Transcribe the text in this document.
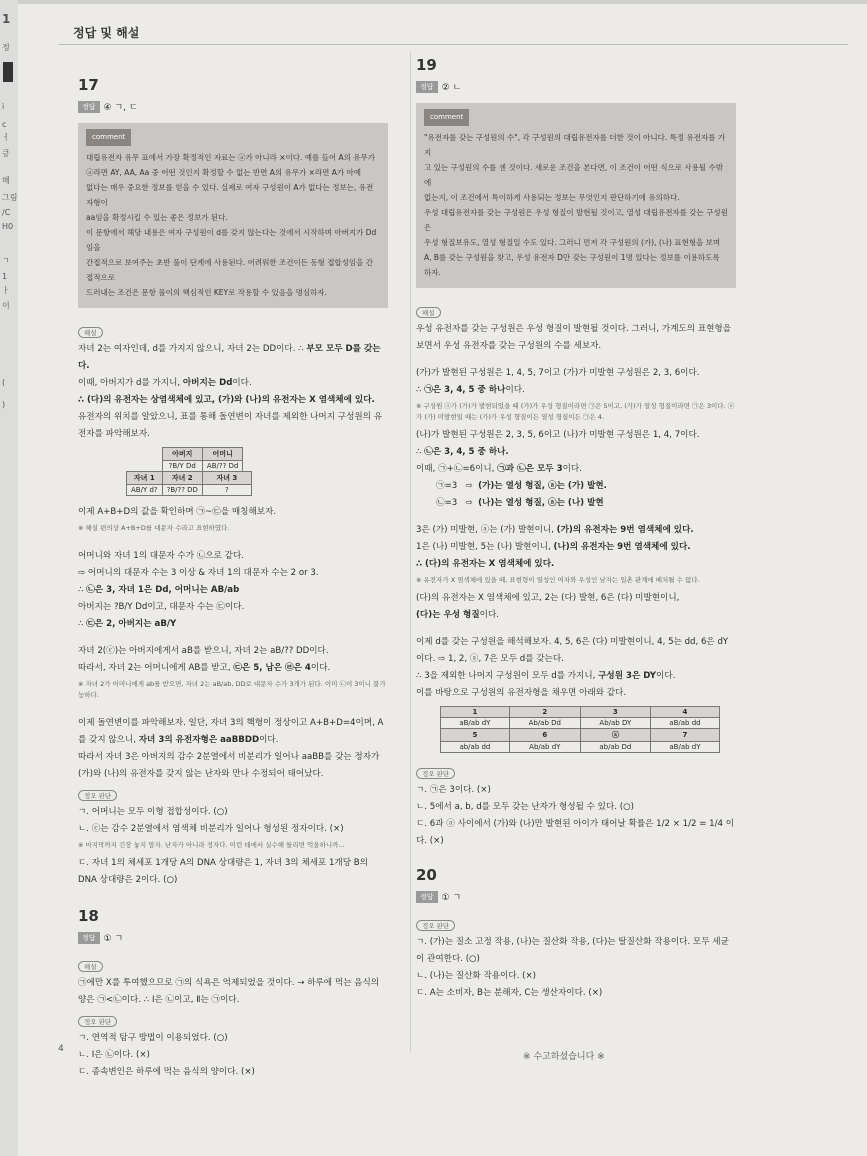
1
정
i
c
ㅓ
킁
해
그림
/C
H0
ㄱ
1
ㅏ
이
(
)
정답 및 해설
17
정답 ④ ㄱ, ㄷ
comment
대립유전자 유무 표에서 가장 확정적인 자료는 ⓐ가 아니라 ×이다. 예를 들어 A의 유무가
ⓐ라면 AY, AA, Aa 중 어떤 것인지 확정할 수 없는 반면 A의 유무가 ×라면 A가 아예
없다는 매우 중요한 정보를 얻을 수 있다. 실제로 여자 구성원이 A가 없다는 정보는, 유전자형이
aa임을 확정시킬 수 있는 좋은 정보가 된다.
이 문항에서 해당 내용은 여자 구성원이 d를 갖지 않는다는 것에서 시작하며 아버지가 Dd임을
간접적으로 보여주는 초반 풀이 단계에 사용된다. 어려워한 조건이든 동형 접합성임을 간접적으로
드러내는 조건은 문항 풀이의 핵심적인 KEY로 작용할 수 있음을 명심하자.
해설

자녀 2는 여자인데, d를 가지지 않으니, 자녀 2는 DD이다. ∴ 부모 모두 D를 갖는다.

이때, 아버지가 d를 가지니, 아버지는 Dd이다.

∴ (다)의 유전자는 상염색체에 있고, (가)와 (나)의 유전자는 X 염색체에 있다.

유전자의 위치를 알았으니, 표를 통해 돌연변이 자녀를 제외한 나머지 구성원의 유전자를 파악해보자.

	아버지	어머니	
	?B/Y Dd	AB/?? Dd	
자녀 1	자녀 2	자녀 3	
AB/Y d?	?B/?? DD	?	

이제 A+B+D의 값을 확인하며 ㉠~㉢을 매칭해보자.

※ 해설 편의상 A+B+D를 대문자 수라고 표현하였다.

어머니와 자녀 1의 대문자 수가 ㉡으로 같다.

⇨ 어머니의 대문자 수는 3 이상 & 자녀 1의 대문자 수는 2 or 3.

∴ ㉡은 3, 자녀 1은 Dd, 어머니는 AB/ab

아버지는 ?B/Y Dd이고, 대문자 수는 ㉢이다.

∴ ㉢은 2, 아버지는 aB/Y

자녀 2(ⓒ)는 아버지에게서 aB를 받으니, 자녀 2는 aB/?? DD이다.

따라서, 자녀 2는 어머니에게 AB를 받고, ㉢은 5, 남은 ㉣은 4이다.

※ 자녀 2가 어머니에게 ab를 받으면, 자녀 2는 aB/ab, DD로 대문자 수가 3개가 된다. 이미 ㉡이 3이니 불가능하다.

이제 돌연변이를 파악해보자. 일단, 자녀 3의 핵형이 정상이고 A+B+D=4이며, A를 갖지 않으니, 자녀 3의 유전자형은 aaBBDD이다.

따라서 자녀 3은 아버지의 감수 2분열에서 비분리가 일어나 aaBB를 갖는 정자가 (가)와 (나)의 유전자를 갖지 않는 난자와 만나 수정되어 태어났다.

정오 판단

ㄱ. 어머니는 모두 이형 접합성이다. (○)

ㄴ. ⓒ는 감수 2분열에서 염색체 비분리가 일어나 형성된 정자이다. (×)

※ 마지막까지 긴장 놓지 말자. 난자가 아니라 정자다. 이런 데에서 실수해 틀리면 억울하니까...

ㄷ. 자녀 1의 체세포 1개당 A의 DNA 상대량은 1, 자녀 3의 체세포 1개당 B의 DNA 상대량은 2이다. (○)

18
정답 ① ㄱ
해설

㉠에만 X를 투여했으므로 ㉠의 식욕은 억제되었을 것이다. → 하루에 먹는 음식의 양은 ㉠<㉡이다. ∴ Ⅰ은 ㉡이고, Ⅱ는 ㉠이다.

정오 판단

ㄱ. 연역적 탐구 방법이 이용되었다. (○)

ㄴ. Ⅰ은 ㉡이다. (×)

ㄷ. 종속변인은 하루에 먹는 음식의 양이다. (×)

19
정답 ② ㄴ
comment
"유전자를 갖는 구성원의 수", 각 구성원의 대립유전자를 더한 것이 아니다. 특정 유전자를 가지
고 있는 구성원의 수를 센 것이다. 새로운 조건을 본다면, 이 조건이 어떤 식으로 사용될 수밖에
없는지, 이 조건에서 특이하게 사용되는 정보는 무엇인지 판단하기에 유의하다.
우성 대립유전자를 갖는 구성원은 우성 형질이 발현될 것이고, 열성 대립유전자를 갖는 구성원은
우성 형질보유도, 열성 형질일 수도 있다. 그러니 먼저 각 구성원의 (가), (나) 표현형을 보며
A, B를 갖는 구성원을 찾고, 우성 유전자 D만 갖는 구성원이 1명 있다는 정보를 이용하도록 하자.
해설

우성 유전자를 갖는 구성원은 우성 형질이 발현될 것이다. 그러니, 가계도의 표현형을 보면서 우성 유전자를 갖는 구성원의 수를 세보자.

(가)가 발현된 구성원은 1, 4, 5, 7이고 (가)가 미발현 구성원은 2, 3, 6이다.

∴ ㉠은 3, 4, 5 중 하나이다.

※ 구성원 ⓐ가 (가)가 발현되었을 때 (가)가 우성 형질이라면 ㉠은 5이고, (가)가 열성 형질이라면 ㉠은 3이다. ⓐ가 (가) 미발현일 때는 (가)가 우성 형질이든 열성 형질이든 ㉠은 4.

(나)가 발현된 구성원은 2, 3, 5, 6이고 (나)가 미발현 구성원은 1, 4, 7이다.

∴ ㉡은 3, 4, 5 중 하나.

이때, ㉠+㉡=6이니, ㉠과 ㉡은 모두 3이다.

㉠=3 ⇨ (가)는 열성 형질, ⓐ는 (가) 발현.

㉡=3 ⇨ (나)는 열성 형질, ⓐ는 (나) 발현

3은 (가) 미발현, ⓐ는 (가) 발현이니, (가)의 유전자는 9번 염색체에 있다.

1은 (나) 미발현, 5는 (나) 발현이니, (나)의 유전자는 9번 염색체에 있다.

∴ (다)의 유전자는 X 염색체에 있다.

※ 유전자가 X 염색체에 있을 때, 표현형이 열성인 여자와 우성인 남자는 일촌 관계에 배치될 수 없다.

(다)의 유전자는 X 염색체에 있고, 2는 (다) 발현, 6은 (다) 미발현이니,

(다)는 우성 형질이다.

이제 d를 갖는 구성원을 해석해보자. 4, 5, 6은 (다) 미발현이니, 4, 5는 dd, 6은 dY이다. ⇨ 1, 2, ⓐ, 7은 모두 d를 갖는다.

∴ 3을 제외한 나머지 구성원이 모두 d를 가지니, 구성원 3은 DY이다.

이를 바탕으로 구성원의 유전자형을 채우면 아래와 같다.

1	2	3	4
aB/ab dY	Ab/ab Dd	Ab/ab DY	aB/ab dd
5	6	ⓐ	7
ab/ab dd	Ab/ab dY	ab/ab Dd	aB/ab dY
정오 판단

ㄱ. ㉠은 3이다. (×)

ㄴ. 5에서 a, b, d를 모두 갖는 난자가 형성될 수 있다. (○)

ㄷ. 6과 ⓐ 사이에서 (가)와 (나)만 발현된 아이가 태어날 확률은 1/2 × 1/2 = 1/4 이다. (×)

20
정답 ① ㄱ
정오 판단

ㄱ. (가)는 질소 고정 작용, (나)는 질산화 작용, (다)는 탈질산화 작용이다. 모두 세균이 관여한다. (○)

ㄴ. (나)는 질산화 작용이다. (×)

ㄷ. A는 소비자, B는 분해자, C는 생산자이다. (×)

4
※ 수고하셨습니다 ※
